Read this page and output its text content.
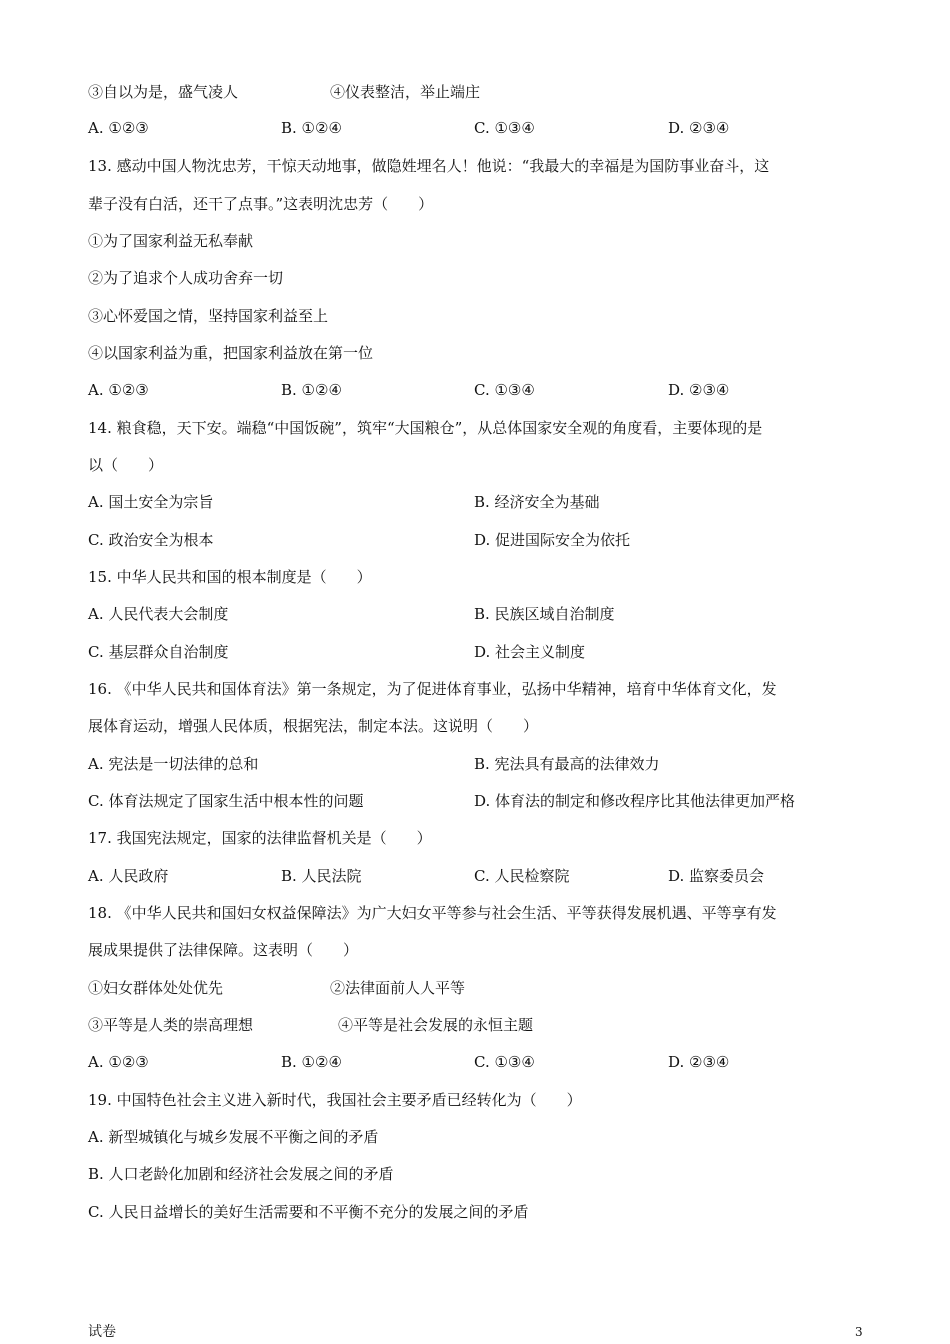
③自以为是，盛气凌人	④仪表整洁，举止端庄
A. ①②③	B. ①②④	C. ①③④	D. ②③④
13. 感动中国人物沈忠芳，干惊天动地事，做隐姓埋名人！他说：“我最大的幸福是为国防事业奋斗，这
辈子没有白活，还干了点事。”这表明沈忠芳（　　）
①为了国家利益无私奉献
②为了追求个人成功舍弃一切
③心怀爱国之情，坚持国家利益至上
④以国家利益为重，把国家利益放在第一位
A. ①②③	B. ①②④	C. ①③④	D. ②③④
14. 粮食稳，天下安。端稳“中国饭碗”，筑牢“大国粮仓”，从总体国家安全观的角度看，主要体现的是
以（　　）
A. 国土安全为宗旨	B. 经济安全为基础
C. 政治安全为根本	D. 促进国际安全为依托
15. 中华人民共和国的根本制度是（　　）
A. 人民代表大会制度	B. 民族区域自治制度
C. 基层群众自治制度	D. 社会主义制度
16. 《中华人民共和国体育法》第一条规定，为了促进体育事业，弘扬中华精神，培育中华体育文化，发
展体育运动，增强人民体质，根据宪法，制定本法。这说明（　　）
A. 宪法是一切法律的总和	B. 宪法具有最高的法律效力
C. 体育法规定了国家生活中根本性的问题	D. 体育法的制定和修改程序比其他法律更加严格
17. 我国宪法规定，国家的法律监督机关是（　　）
A. 人民政府	B. 人民法院	C. 人民检察院	D. 监察委员会
18. 《中华人民共和国妇女权益保障法》为广大妇女平等参与社会生活、平等获得发展机遇、平等享有发
展成果提供了法律保障。这表明（　　）
①妇女群体处处优先	②法律面前人人平等
③平等是人类的崇高理想	④平等是社会发展的永恒主题
A. ①②③	B. ①②④	C. ①③④	D. ②③④
19. 中国特色社会主义进入新时代，我国社会主要矛盾已经转化为（　　）
A. 新型城镇化与城乡发展不平衡之间的矛盾
B. 人口老龄化加剧和经济社会发展之间的矛盾
C. 人民日益增长的美好生活需要和不平衡不充分的发展之间的矛盾
试卷	3
